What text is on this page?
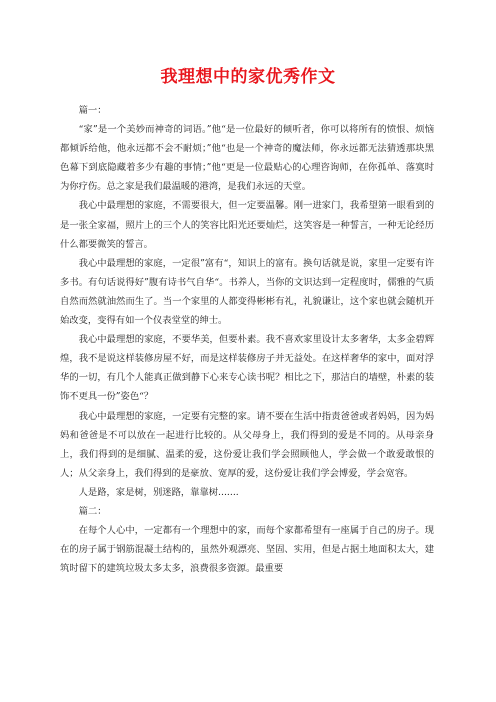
我理想中的家优秀作文

篇一：

“家”是一个美妙而神奇的词语。”他“是一位最好的倾听者，你可以将所有的愤恨、烦恼都倾诉给他，他永远都不会不耐烦；”他“也是一个神奇的魔法师，你永远都无法猜透那块黑色幕下到底隐藏着多少有趣的事情；”他“更是一位最贴心的心理咨询师，在你孤单、落寞时为你疗伤。总之家是我们最温暖的港湾，是我们永远的天堂。

我心中最理想的家庭，不需要很大，但一定要温馨。刚一进家门，我希望第一眼看到的是一张全家福，照片上的三个人的笑容比阳光还要灿烂，这笑容是一种誓言，一种无论经历什么都要微笑的誓言。

我心中最理想的家庭，一定很”富有“，知识上的富有。换句话就是说，家里一定要有许多书。有句话说得好”腹有诗书气自华“。书养人，当你的文识达到一定程度时，儒雅的气质自然而然就油然而生了。当一个家里的人都变得彬彬有礼，礼貌谦让，这个家也就会随机开始改变，变得有如一个仪表堂堂的绅士。

我心中最理想的家庭，不要华美，但要朴素。我不喜欢家里设计太多奢华，太多金碧辉煌，我不是说这样装修房屋不好，而是这样装修房子并无益处。在这样奢华的家中，面对浮华的一切，有几个人能真正做到静下心来专心读书呢？相比之下，那洁白的墙壁，朴素的装饰不更具一份”姿色“？

我心中最理想的家庭，一定要有完整的家。请不要在生活中指责爸爸或者妈妈，因为妈妈和爸爸是不可以放在一起进行比较的。从父母身上，我们得到的爱是不同的。从母亲身上，我们得到的是细腻、温柔的爱，这份爱让我们学会照顾他人，学会做一个敢爱敢恨的人；从父亲身上，我们得到的是豪放、宽厚的爱，这份爱让我们学会博爱，学会宽容。

人是路，家是树，别迷路，靠靠树.......

篇二：

在每个人心中，一定都有一个理想中的家，而每个家都希望有一座属于自己的房子。现在的房子属于钢筋混凝土结构的，虽然外观漂亮、坚固、实用，但是占据土地面积太大，建筑时留下的建筑垃圾太多太多，浪费很多资源。最重要
